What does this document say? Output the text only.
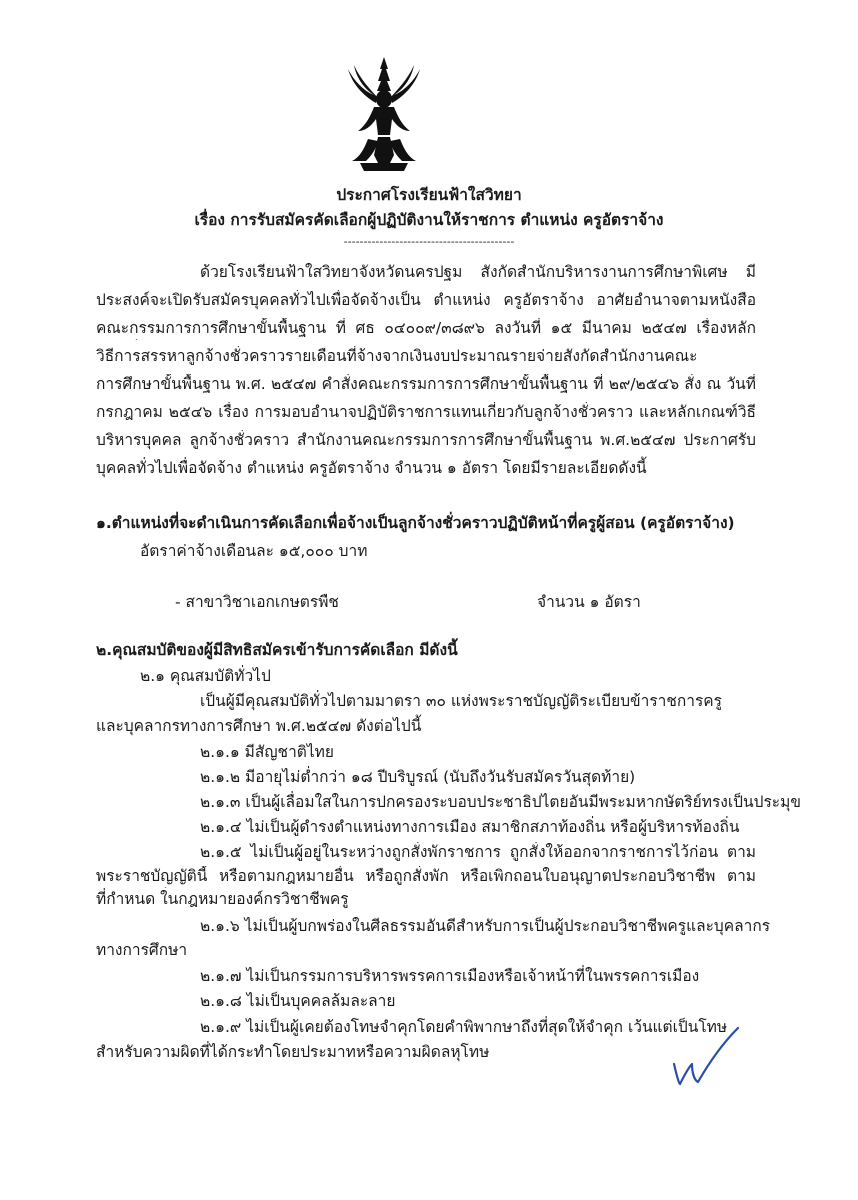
ประกาศโรงเรียนฟ้าใสวิทยา
เรื่อง การรับสมัครคัดเลือกผู้ปฏิบัติงานให้ราชการ ตำแหน่ง ครูอัตราจ้าง
-------------------------------------------
ด้วยโรงเรียนฟ้าใสวิทยาจังหวัดนครปฐม สังกัดสำนักบริหารงานการศึกษาพิเศษ มี
ประสงค์จะเปิดรับสมัครบุคคลทั่วไปเพื่อจัดจ้างเป็น ตำแหน่ง ครูอัตราจ้าง อาศัยอำนาจตามหนังสือ
คณะกรรมการการศึกษาขั้นพื้นฐาน ที่ ศธ ๐๔๐๐๙/๓๘๙๖ ลงวันที่ ๑๕ มีนาคม ๒๕๔๗ เรื่องหลัก
วิธีการสรรหาลูกจ้างชั่วคราวรายเดือนที่จ้างจากเงินงบประมาณรายจ่ายสังกัดสำนักงานคณะ
การศึกษาขั้นพื้นฐาน พ.ศ. ๒๕๔๗ คำสั่งคณะกรรมการการศึกษาขั้นพื้นฐาน ที่ ๒๙/๒๕๔๖ สั่ง ณ วันที่
กรกฎาคม ๒๕๔๖ เรื่อง การมอบอำนาจปฏิบัติราชการแทนเกี่ยวกับลูกจ้างชั่วคราว และหลักเกณฑ์วิธี
บริหารบุคคล ลูกจ้างชั่วคราว สำนักงานคณะกรรมการการศึกษาขั้นพื้นฐาน พ.ศ.๒๕๔๗ ประกาศรับ
บุคคลทั่วไปเพื่อจัดจ้าง ตำแหน่ง ครูอัตราจ้าง จำนวน ๑ อัตรา โดยมีรายละเอียดดังนี้
๑.ตำแหน่งที่จะดำเนินการคัดเลือกเพื่อจ้างเป็นลูกจ้างชั่วคราวปฏิบัติหน้าที่ครูผู้สอน (ครูอัตราจ้าง)
อัตราค่าจ้างเดือนละ ๑๕,๐๐๐ บาท
- สาขาวิชาเอกเกษตรพืช	จำนวน ๑ อัตรา
๒.คุณสมบัติของผู้มีสิทธิสมัครเข้ารับการคัดเลือก มีดังนี้
๒.๑ คุณสมบัติทั่วไป
เป็นผู้มีคุณสมบัติทั่วไปตามมาตรา ๓๐ แห่งพระราชบัญญัติระเบียบข้าราชการครู
และบุคลากรทางการศึกษา พ.ศ.๒๕๔๗ ดังต่อไปนี้
๒.๑.๑ มีสัญชาติไทย
๒.๑.๒ มีอายุไม่ต่ำกว่า ๑๘ ปีบริบูรณ์ (นับถึงวันรับสมัครวันสุดท้าย)
๒.๑.๓ เป็นผู้เลื่อมใสในการปกครองระบอบประชาธิปไตยอันมีพระมหากษัตริย์ทรงเป็นประมุข
๒.๑.๔ ไม่เป็นผู้ดำรงตำแหน่งทางการเมือง สมาชิกสภาท้องถิ่น หรือผู้บริหารท้องถิ่น
๒.๑.๕ ไม่เป็นผู้อยู่ในระหว่างถูกสั่งพักราชการ ถูกสั่งให้ออกจากราชการไว้ก่อน ตาม
พระราชบัญญัตินี้ หรือตามกฎหมายอื่น หรือถูกสั่งพัก หรือเพิกถอนใบอนุญาตประกอบวิชาชีพ ตาม
ที่กำหนด ในกฎหมายองค์กรวิชาชีพครู
๒.๑.๖ ไม่เป็นผู้บกพร่องในศีลธรรมอันดีสำหรับการเป็นผู้ประกอบวิชาชีพครูและบุคลากร
ทางการศึกษา
๒.๑.๗ ไม่เป็นกรรมการบริหารพรรคการเมืองหรือเจ้าหน้าที่ในพรรคการเมือง
๒.๑.๘ ไม่เป็นบุคคลล้มละลาย
๒.๑.๙ ไม่เป็นผู้เคยต้องโทษจำคุกโดยคำพิพากษาถึงที่สุดให้จำคุก เว้นแต่เป็นโทษ
สำหรับความผิดที่ได้กระทำโดยประมาทหรือความผิดลหุโทษ
